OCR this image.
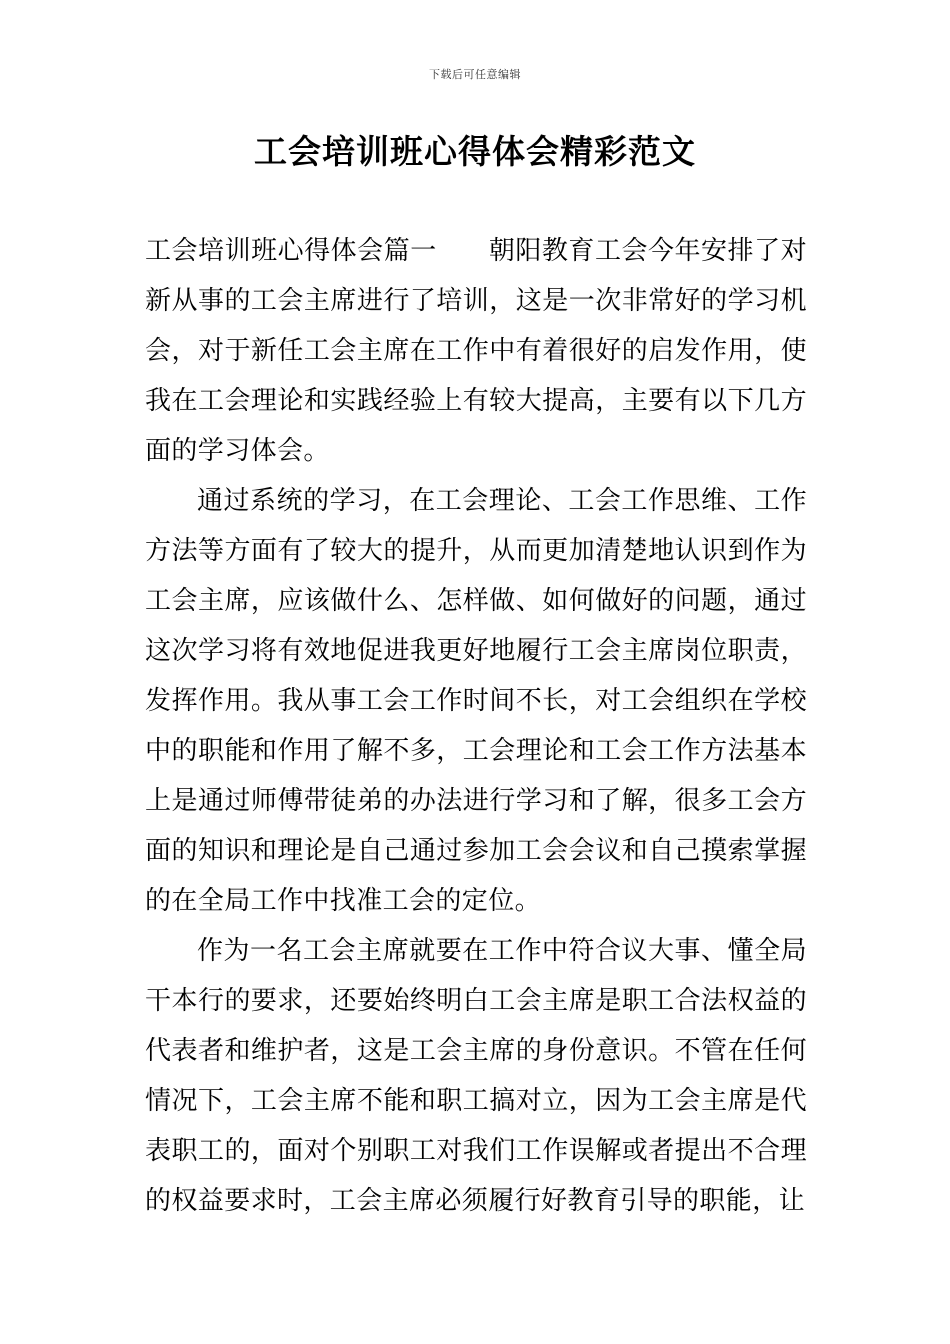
下载后可任意编辑
工会培训班心得体会精彩范文

工会培训班心得体会篇一 朝阳教育工会今年安排了对新从事的工会主席进行了培训，这是一次非常好的学习机会，对于新任工会主席在工作中有着很好的启发作用，使我在工会理论和实践经验上有较大提高，主要有以下几方面的学习体会。

通过系统的学习，在工会理论、工会工作思维、工作方法等方面有了较大的提升，从而更加清楚地认识到作为工会主席，应该做什么、怎样做、如何做好的问题，通过这次学习将有效地促进我更好地履行工会主席岗位职责，发挥作用。我从事工会工作时间不长，对工会组织在学校中的职能和作用了解不多，工会理论和工会工作方法基本上是通过师傅带徒弟的办法进行学习和了解，很多工会方面的知识和理论是自己通过参加工会会议和自己摸索掌握的在全局工作中找准工会的定位。

作为一名工会主席就要在工作中符合议大事、懂全局干本行的要求，还要始终明白工会主席是职工合法权益的代表者和维护者，这是工会主席的身份意识。不管在任何情况下，工会主席不能和职工搞对立，因为工会主席是代表职工的，面对个别职工对我们工作误解或者提出不合理的权益要求时，工会主席必须履行好教育引导的职能，让
